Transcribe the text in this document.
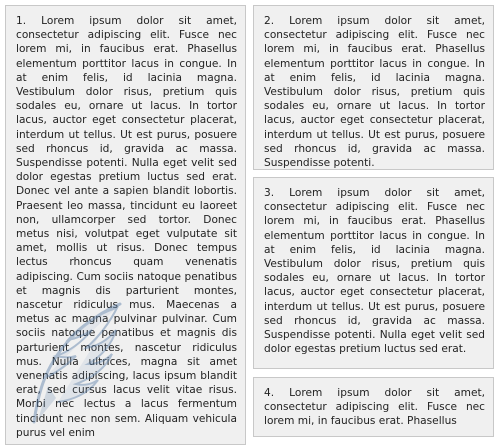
1. Lorem ipsum dolor sit amet, consectetur adipiscing elit. Fusce nec lorem mi, in faucibus erat. Phasellus elementum porttitor lacus in congue. In at enim felis, id lacinia magna. Vestibulum dolor risus, pretium quis sodales eu, ornare ut lacus. In tortor lacus, auctor eget consectetur placerat, interdum ut tellus. Ut est purus, posuere sed rhoncus id, gravida ac massa. Suspendisse potenti. Nulla eget velit sed dolor egestas pretium luctus sed erat. Donec vel ante a sapien blandit lobortis. Praesent leo massa, tincidunt eu laoreet non, ullamcorper sed tortor. Donec metus nisi, volutpat eget vulputate sit amet, mollis ut risus. Donec tempus lectus rhoncus quam venenatis adipiscing. Cum sociis natoque penatibus et magnis dis parturient montes, nascetur ridiculus mus. Maecenas a metus ac magna pulvinar pulvinar. Cum sociis natoque penatibus et magnis dis parturient montes, nascetur ridiculus mus. Nulla ultrices, magna sit amet venenatis adipiscing, lacus ipsum blandit erat, sed cursus lacus velit vitae risus. Morbi nec lectus a lacus fermentum tincidunt nec non sem. Aliquam vehicula purus vel enim

2. Lorem ipsum dolor sit amet, consectetur adipiscing elit. Fusce nec lorem mi, in faucibus erat. Phasellus elementum porttitor lacus in congue. In at enim felis, id lacinia magna. Vestibulum dolor risus, pretium quis sodales eu, ornare ut lacus. In tortor lacus, auctor eget consectetur placerat, interdum ut tellus. Ut est purus, posuere sed rhoncus id, gravida ac massa. Suspendisse potenti.

3. Lorem ipsum dolor sit amet, consectetur adipiscing elit. Fusce nec lorem mi, in faucibus erat. Phasellus elementum porttitor lacus in congue. In at enim felis, id lacinia magna. Vestibulum dolor risus, pretium quis sodales eu, ornare ut lacus. In tortor lacus, auctor eget consectetur placerat, interdum ut tellus. Ut est purus, posuere sed rhoncus id, gravida ac massa. Suspendisse potenti. Nulla eget velit sed dolor egestas pretium luctus sed erat.

4. Lorem ipsum dolor sit amet, consectetur adipiscing elit. Fusce nec lorem mi, in faucibus erat. Phasellus
